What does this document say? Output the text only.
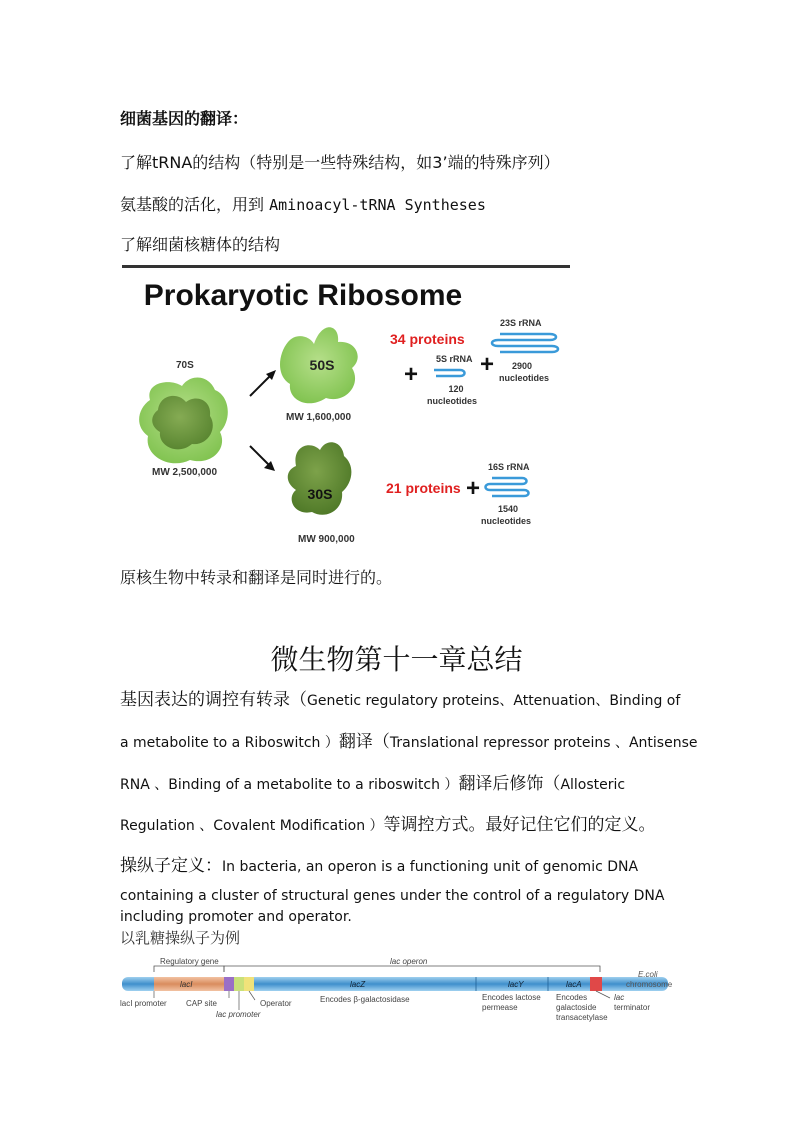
细菌基因的翻译：
了解tRNA的结构（特别是一些特殊结构，如3’端的特殊序列）
氨基酸的活化，用到 Aminoacyl-tRNA Syntheses
了解细菌核糖体的结构
Prokaryotic Ribosome
70S
MW 2,500,000
50S
MW 1,600,000
30S
MW 900,000
34 proteins
+	+
5S rRNA
120
nucleotides
23S rRNA
2900
nucleotides
21 proteins +
16S rRNA
1540
nucleotides
原核生物中转录和翻译是同时进行的。
微生物第十一章总结
基因表达的调控有转录（Genetic regulatory proteins、Attenuation、Binding of
a metabolite to a Riboswitch ）翻译（Translational repressor proteins 、Antisense
RNA 、Binding of a metabolite to a riboswitch ）翻译后修饰（Allosteric
Regulation 、Covalent Modification ）等调控方式。最好记住它们的定义。
操纵子定义：In bacteria, an operon is a functioning unit of genomic DNA
containing a cluster of structural genes under the control of a regulatory DNA
including promoter and operator.
以乳糖操纵子为例
Regulatory gene	lac operon
lacI	lacZ	lacY	lacA
E.coli
chromosome
lacI promoter CAP site	Operator
lac promoter
Encodes β-galactosidase	Encodes lactose
permease
Encodes
galactoside
transacetylase
lac
terminator
